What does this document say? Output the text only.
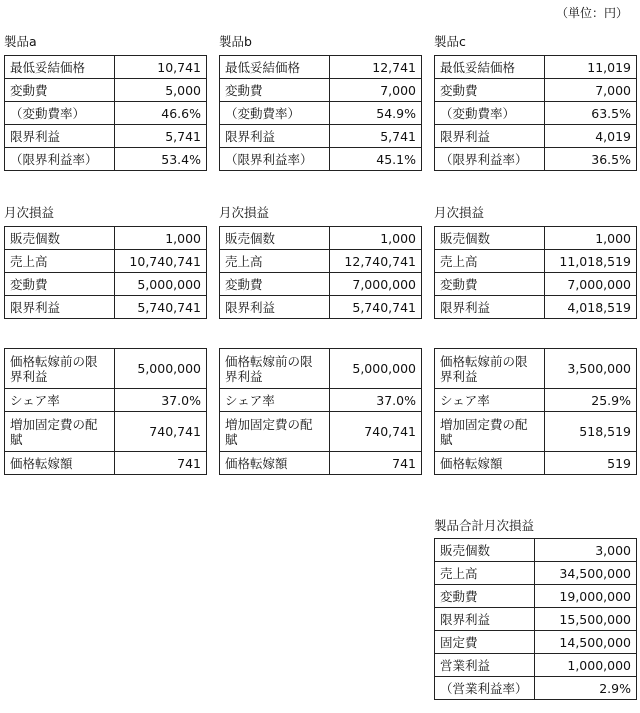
（単位：円）
製品a
最低妥結価格	10,741
変動費	5,000
（変動費率）	46.6%
限界利益	5,741
（限界利益率）	53.4%
月次損益
販売個数	1,000
売上高	10,740,741
変動費	5,000,000
限界利益	5,740,741
価格転嫁前の限界利益	5,000,000
シェア率	37.0%
増加固定費の配賦	740,741
価格転嫁額	741
製品b
最低妥結価格	12,741
変動費	7,000
（変動費率）	54.9%
限界利益	5,741
（限界利益率）	45.1%
月次損益
販売個数	1,000
売上高	12,740,741
変動費	7,000,000
限界利益	5,740,741
価格転嫁前の限界利益	5,000,000
シェア率	37.0%
増加固定費の配賦	740,741
価格転嫁額	741
製品c
最低妥結価格	11,019
変動費	7,000
（変動費率）	63.5%
限界利益	4,019
（限界利益率）	36.5%
月次損益
販売個数	1,000
売上高	11,018,519
変動費	7,000,000
限界利益	4,018,519
価格転嫁前の限界利益	3,500,000
シェア率	25.9%
増加固定費の配賦	518,519
価格転嫁額	519
製品合計月次損益
販売個数	3,000
売上高	34,500,000
変動費	19,000,000
限界利益	15,500,000
固定費	14,500,000
営業利益	1,000,000
（営業利益率）	2.9%
